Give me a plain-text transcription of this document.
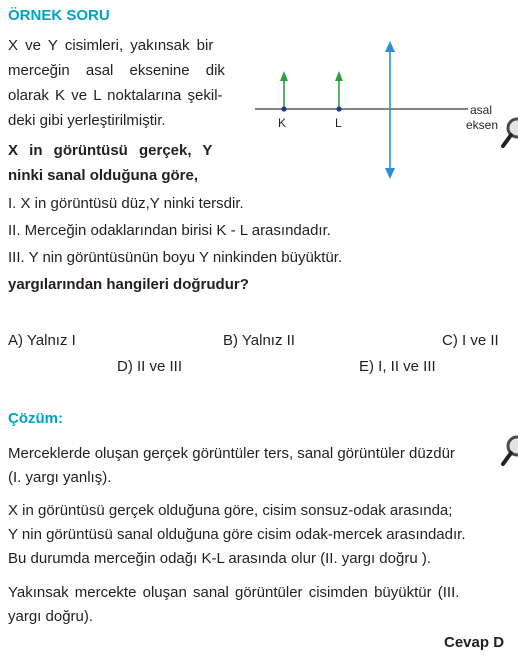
ÖRNEK SORU
X ve Y cisimleri, yakınsak bir
merceğin asal eksenine dik
olarak K ve L noktalarına şekil-
deki gibi yerleştirilmiştir.
X in görüntüsü gerçek, Y
ninki sanal olduğuna göre,
K	L
asal
eksen
I. X in görüntüsü düz,Y ninki tersdir.
II. Merceğin odaklarından birisi K - L arasındadır.
III. Y nin görüntüsünün boyu Y ninkinden büyüktür.
yargılarından hangileri doğrudur?
A) Yalnız I	B) Yalnız II	C) I ve II
D) II ve III	E) I, II ve III
Çözüm:
Merceklerde oluşan gerçek görüntüler ters, sanal görüntüler düzdür
(I. yargı yanlış).
X in görüntüsü gerçek olduğuna göre, cisim sonsuz-odak arasında;
Y nin görüntüsü sanal olduğuna göre cisim odak-mercek arasındadır.
Bu durumda merceğin odağı K-L arasında olur (II. yargı doğru ).
Yakınsak mercekte oluşan sanal görüntüler cisimden büyüktür (III.
yargı doğru).
Cevap D
